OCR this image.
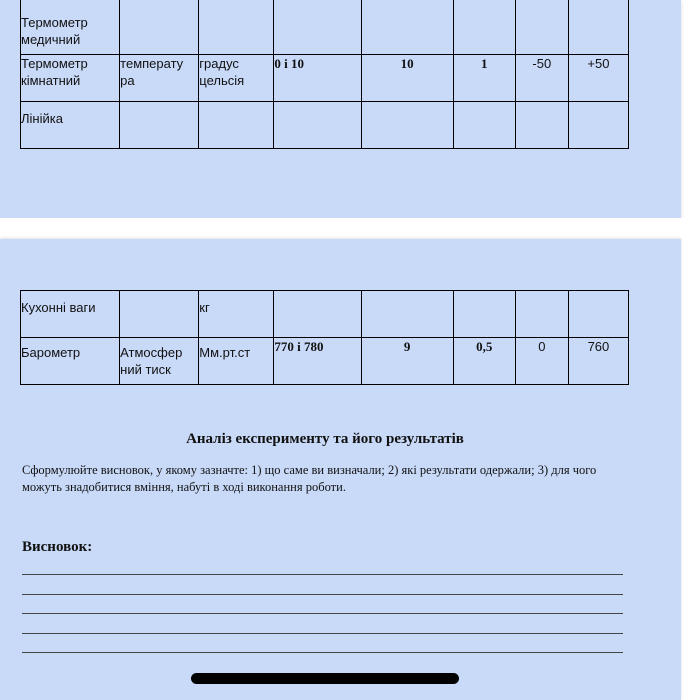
Термометр медичний							
Термометр кімнатний	температу ра	градус цельсія	0 і 10	10	1	-50	+50
Лінійка							
Кухонні ваги		кг					
Барометр	Атмосфер ний тиск	Мм.рт.ст	770 і 780	9	0,5	0	760
Аналіз експерименту та його результатів
Сформулюйте висновок, у якому зазначте: 1) що саме ви визначали; 2) які результати одержали; 3) для чого можуть знадобитися вміння, набуті в ході виконання роботи.
Висновок:
